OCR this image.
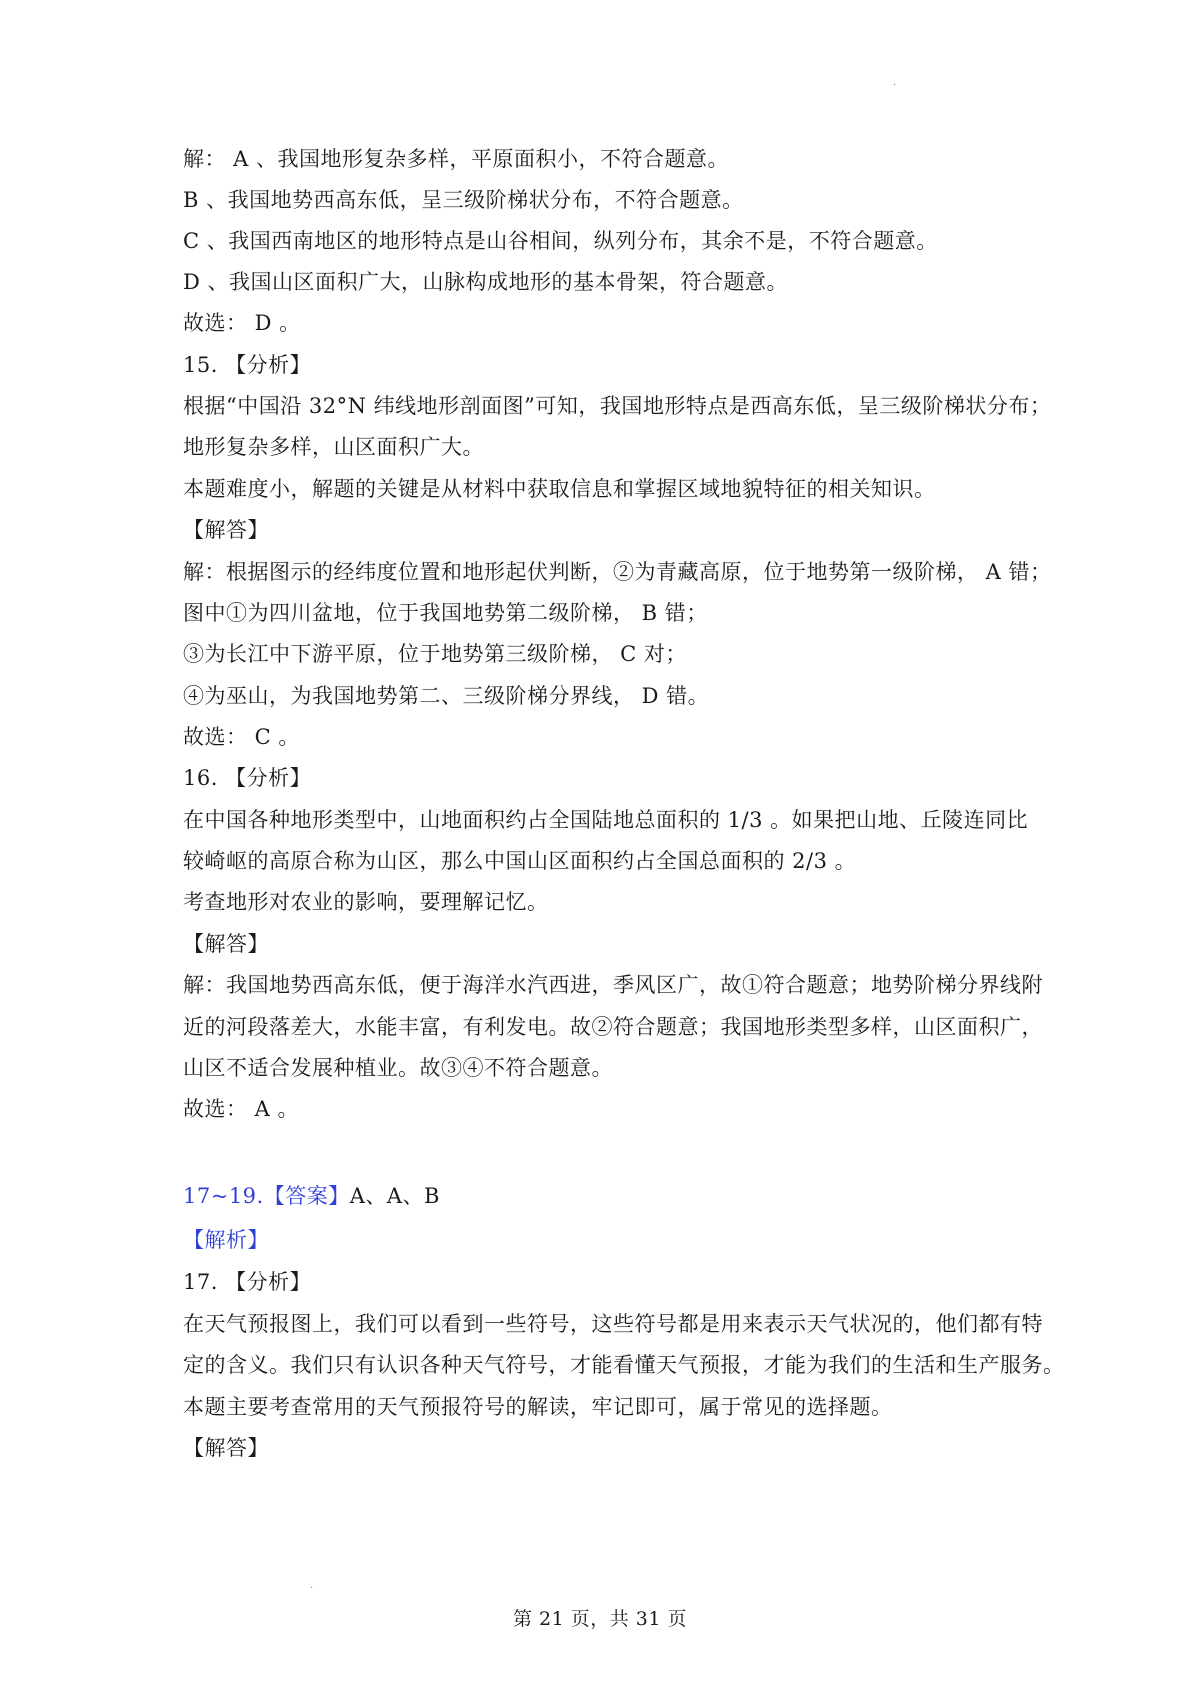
·
解： A 、我国地形复杂多样，平原面积小，不符合题意。
B 、我国地势西高东低，呈三级阶梯状分布，不符合题意。
C 、我国西南地区的地形特点是山谷相间，纵列分布，其余不是，不符合题意。
D 、我国山区面积广大，山脉构成地形的基本骨架，符合题意。
故选： D 。
15. 【分析】
根据“中国沿 32°N 纬线地形剖面图”可知，我国地形特点是西高东低，呈三级阶梯状分布；
地形复杂多样，山区面积广大。
本题难度小，解题的关键是从材料中获取信息和掌握区域地貌特征的相关知识。
【解答】
解：根据图示的经纬度位置和地形起伏判断，②为青藏高原，位于地势第一级阶梯， A 错；
图中①为四川盆地，位于我国地势第二级阶梯， B 错；
③为长江中下游平原，位于地势第三级阶梯， C 对；
④为巫山，为我国地势第二、三级阶梯分界线， D 错。
故选： C 。
16. 【分析】
在中国各种地形类型中，山地面积约占全国陆地总面积的 1/3 。如果把山地、丘陵连同比
较崎岖的高原合称为山区，那么中国山区面积约占全国总面积的 2/3 。
考查地形对农业的影响，要理解记忆。
【解答】
解：我国地势西高东低，便于海洋水汽西进，季风区广，故①符合题意；地势阶梯分界线附
近的河段落差大，水能丰富，有利发电。故②符合题意；我国地形类型多样，山区面积广，
山区不适合发展种植业。故③④不符合题意。
故选： A 。
17~19.【答案】A、A、B
【解析】
17. 【分析】
在天气预报图上，我们可以看到一些符号，这些符号都是用来表示天气状况的，他们都有特
定的含义。我们只有认识各种天气符号，才能看懂天气预报，才能为我们的生活和生产服务。
本题主要考查常用的天气预报符号的解读，牢记即可，属于常见的选择题。
【解答】
·
第 21 页，共 31 页
